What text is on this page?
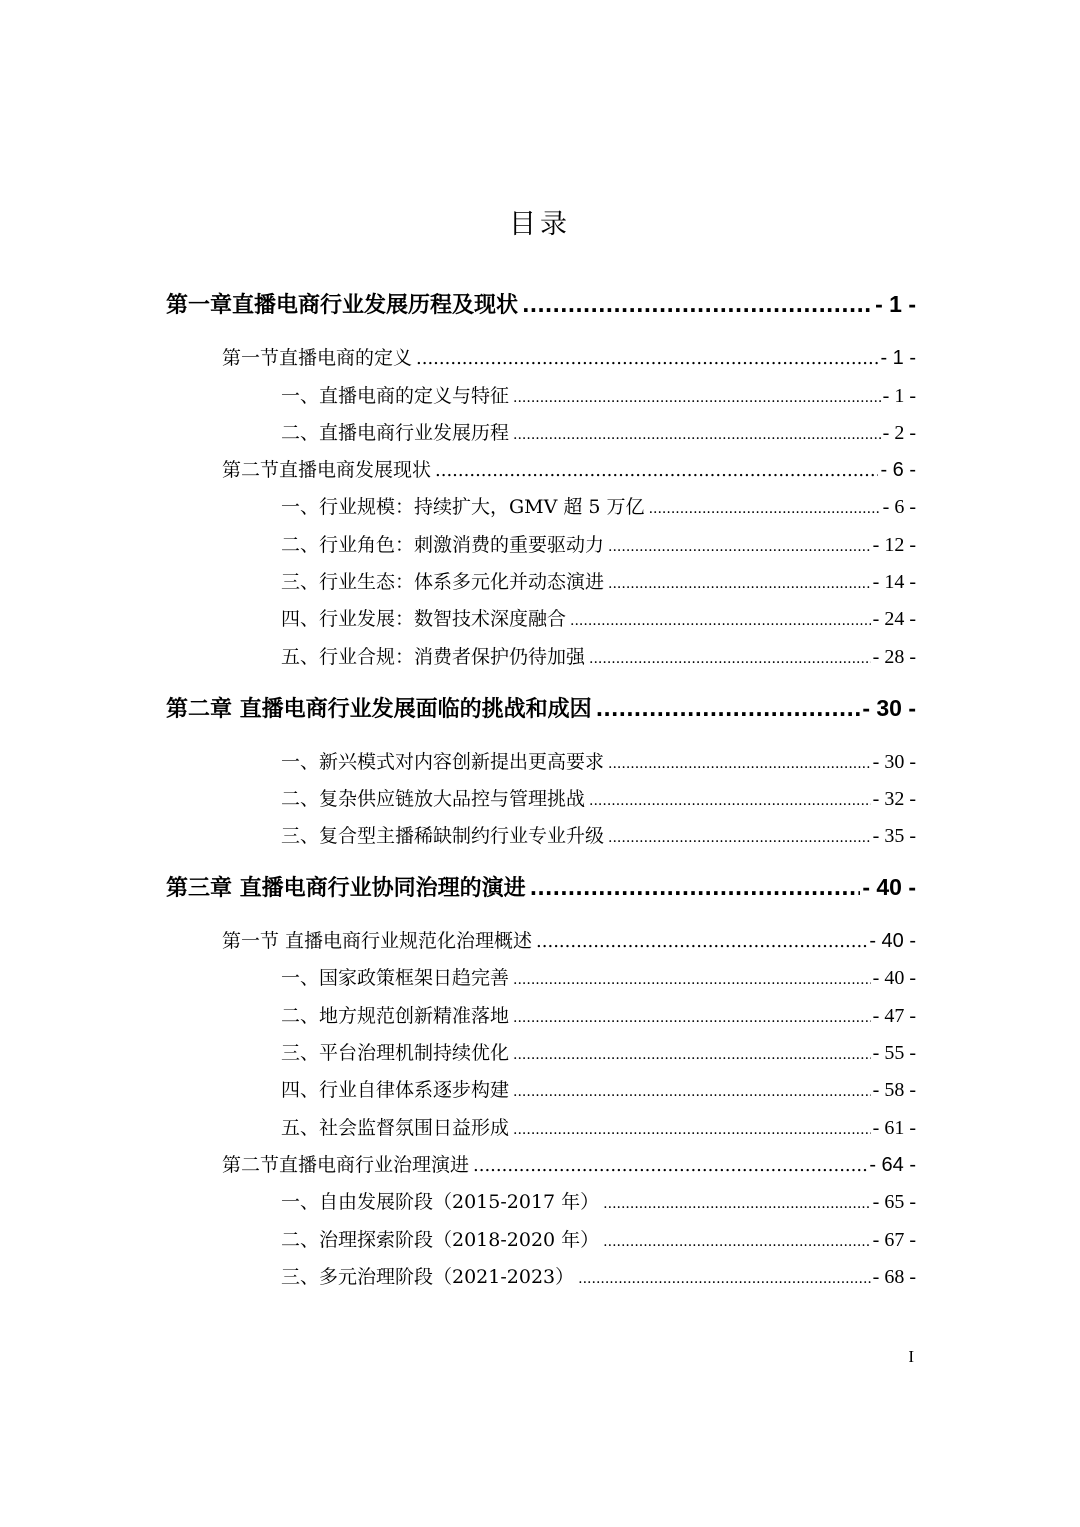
目录
第一章直播电商行业发展历程及现状 .....	- 1 -
第一节直播电商的定义 .....	- 1 -
一、直播电商的定义与特征 .....	- 1 -
二、直播电商行业发展历程 .....	- 2 -
第二节直播电商发展现状 .....	- 6 -
一、行业规模：持续扩大，GMV 超 5 万亿 .....	- 6 -
二、行业角色：刺激消费的重要驱动力 .....	- 12 -
三、行业生态：体系多元化并动态演进 .....	- 14 -
四、行业发展：数智技术深度融合 .....	- 24 -
五、行业合规：消费者保护仍待加强 .....	- 28 -
第二章 直播电商行业发展面临的挑战和成因 .....	- 30 -
一、新兴模式对内容创新提出更高要求 .....	- 30 -
二、复杂供应链放大品控与管理挑战 .....	- 32 -
三、复合型主播稀缺制约行业专业升级 .....	- 35 -
第三章 直播电商行业协同治理的演进 .....	- 40 -
第一节 直播电商行业规范化治理概述 .....	- 40 -
一、国家政策框架日趋完善 .....	- 40 -
二、地方规范创新精准落地 .....	- 47 -
三、平台治理机制持续优化 .....	- 55 -
四、行业自律体系逐步构建 .....	- 58 -
五、社会监督氛围日益形成 .....	- 61 -
第二节直播电商行业治理演进 .....	- 64 -
一、自由发展阶段（2015-2017 年） .....	- 65 -
二、治理探索阶段（2018-2020 年） .....	- 67 -
三、多元治理阶段（2021-2023） .....	- 68 -
I
